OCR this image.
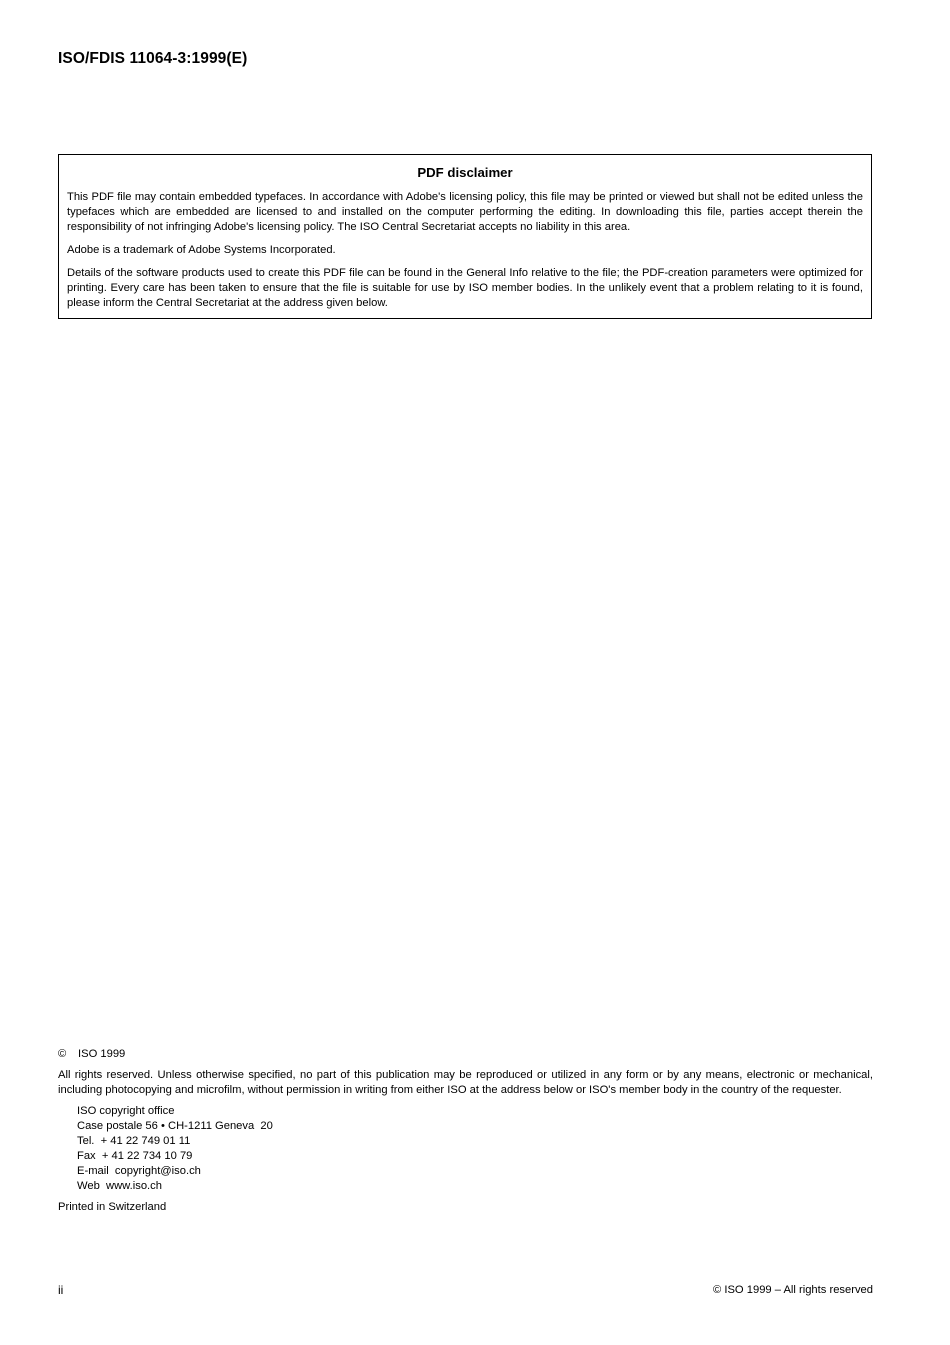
ISO/FDIS 11064-3:1999(E)
PDF disclaimer

This PDF file may contain embedded typefaces. In accordance with Adobe's licensing policy, this file may be printed or viewed but shall not be edited unless the typefaces which are embedded are licensed to and installed on the computer performing the editing. In downloading this file, parties accept therein the responsibility of not infringing Adobe's licensing policy. The ISO Central Secretariat accepts no liability in this area.

Adobe is a trademark of Adobe Systems Incorporated.

Details of the software products used to create this PDF file can be found in the General Info relative to the file; the PDF-creation parameters were optimized for printing. Every care has been taken to ensure that the file is suitable for use by ISO member bodies. In the unlikely event that a problem relating to it is found, please inform the Central Secretariat at the address given below.

© ISO 1999

All rights reserved. Unless otherwise specified, no part of this publication may be reproduced or utilized in any form or by any means, electronic or mechanical, including photocopying and microfilm, without permission in writing from either ISO at the address below or ISO's member body in the country of the requester.

ISO copyright office
Case postale 56 • CH-1211 Geneva  20
Tel.  + 41 22 749 01 11
Fax  + 41 22 734 10 79
E-mail  copyright@iso.ch
Web  www.iso.ch

Printed in Switzerland

ii	© ISO 1999 – All rights reserved
